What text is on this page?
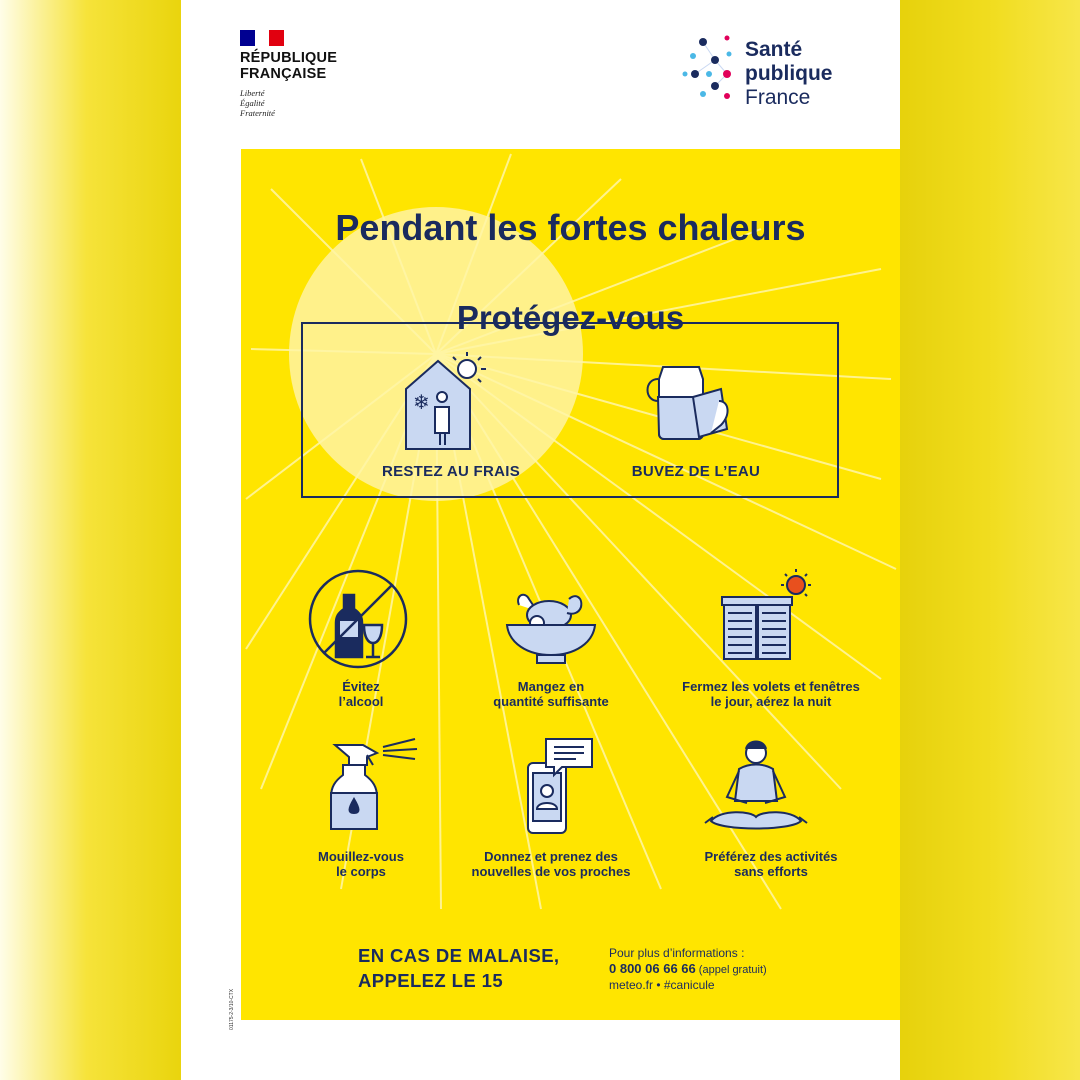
RÉPUBLIQUE
FRANÇAISE
Liberté
Égalité
Fraternité
Santé
publique
France
Pendant les fortes chaleurs
Protégez-vous
❄
RESTEZ AU FRAIS	BUVEZ DE L’EAU
Évitez
l’alcool
Mangez en
quantité suffisante
Fermez les volets et fenêtres
le jour, aérez la nuit
Mouillez-vous
le corps
Donnez et prenez des
nouvelles de vos proches
Préférez des activités
sans efforts
EN CAS DE MALAISE,
APPELEZ LE 15
Pour plus d’informations :
0 800 06 66 66 (appel gratuit)
meteo.fr • #canicule
01175-2-3/10-CTX
